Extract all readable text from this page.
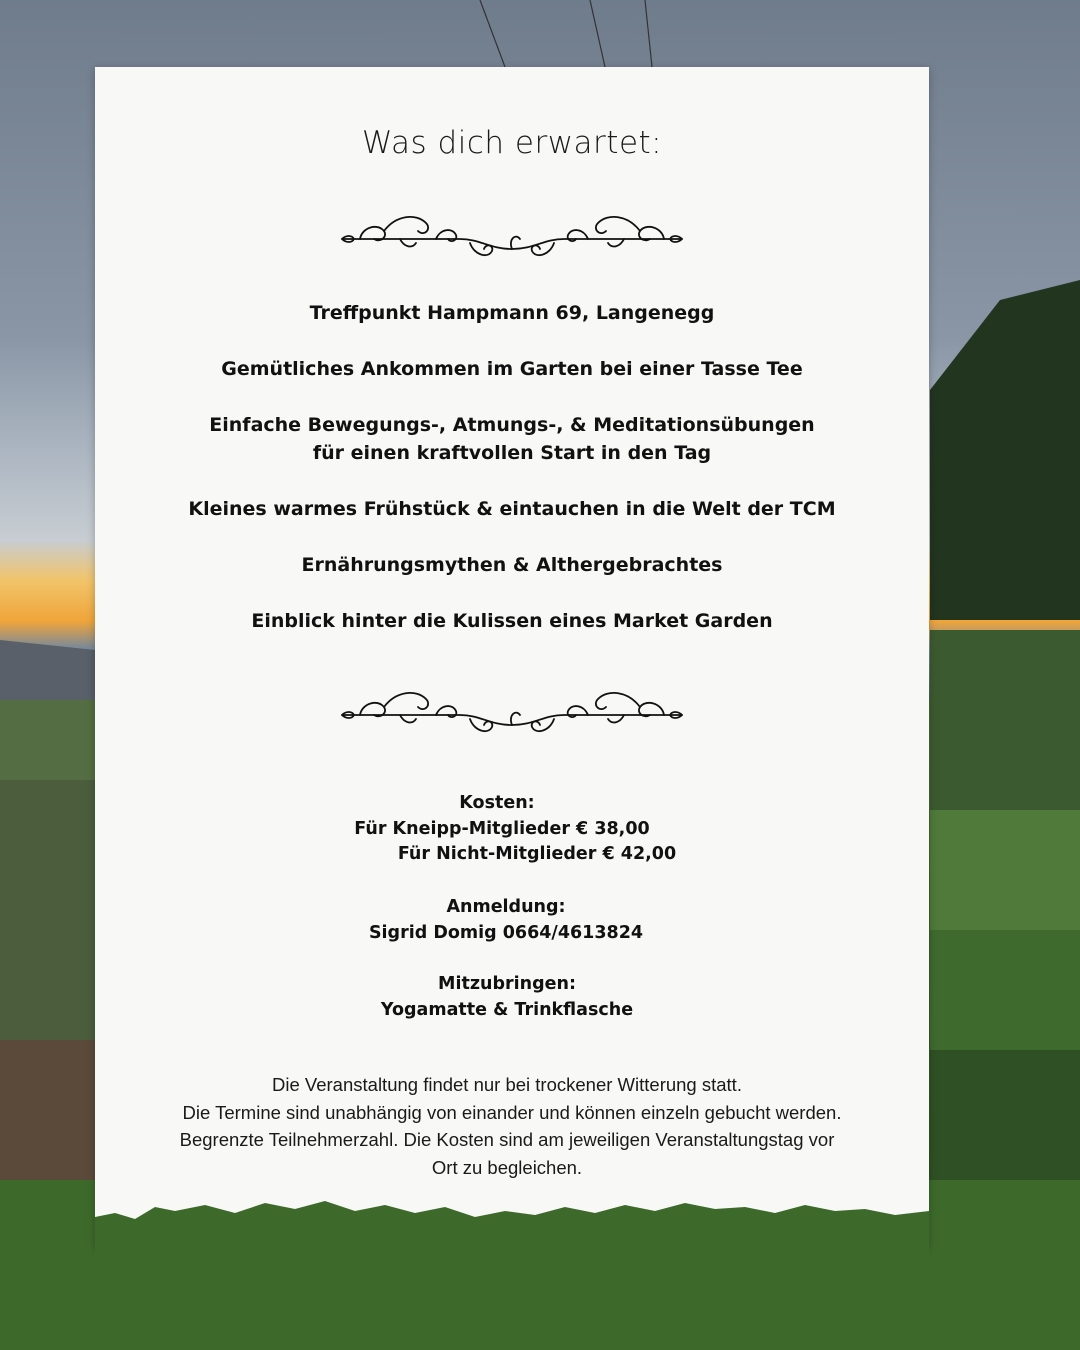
Was dich erwartet:
Treffpunkt Hampmann 69, Langenegg
Gemütliches Ankommen im Garten bei einer Tasse Tee
Einfache Bewegungs-, Atmungs-, & Meditationsübungen
für einen kraftvollen Start in den Tag
Kleines warmes Frühstück & eintauchen in die Welt der TCM
Ernährungsmythen & Althergebrachtes
Einblick hinter die Kulissen eines Market Garden
Kosten:
Für Kneipp-Mitglieder € 38,00
Für Nicht-Mitglieder € 42,00
Anmeldung:
Sigrid Domig 0664/4613824
Mitzubringen:
Yogamatte & Trinkflasche
Die Veranstaltung findet nur bei trockener Witterung statt.
Die Termine sind unabhängig von einander und können einzeln gebucht werden.
Begrenzte Teilnehmerzahl. Die Kosten sind am jeweiligen Veranstaltungstag vor
Ort zu begleichen.
